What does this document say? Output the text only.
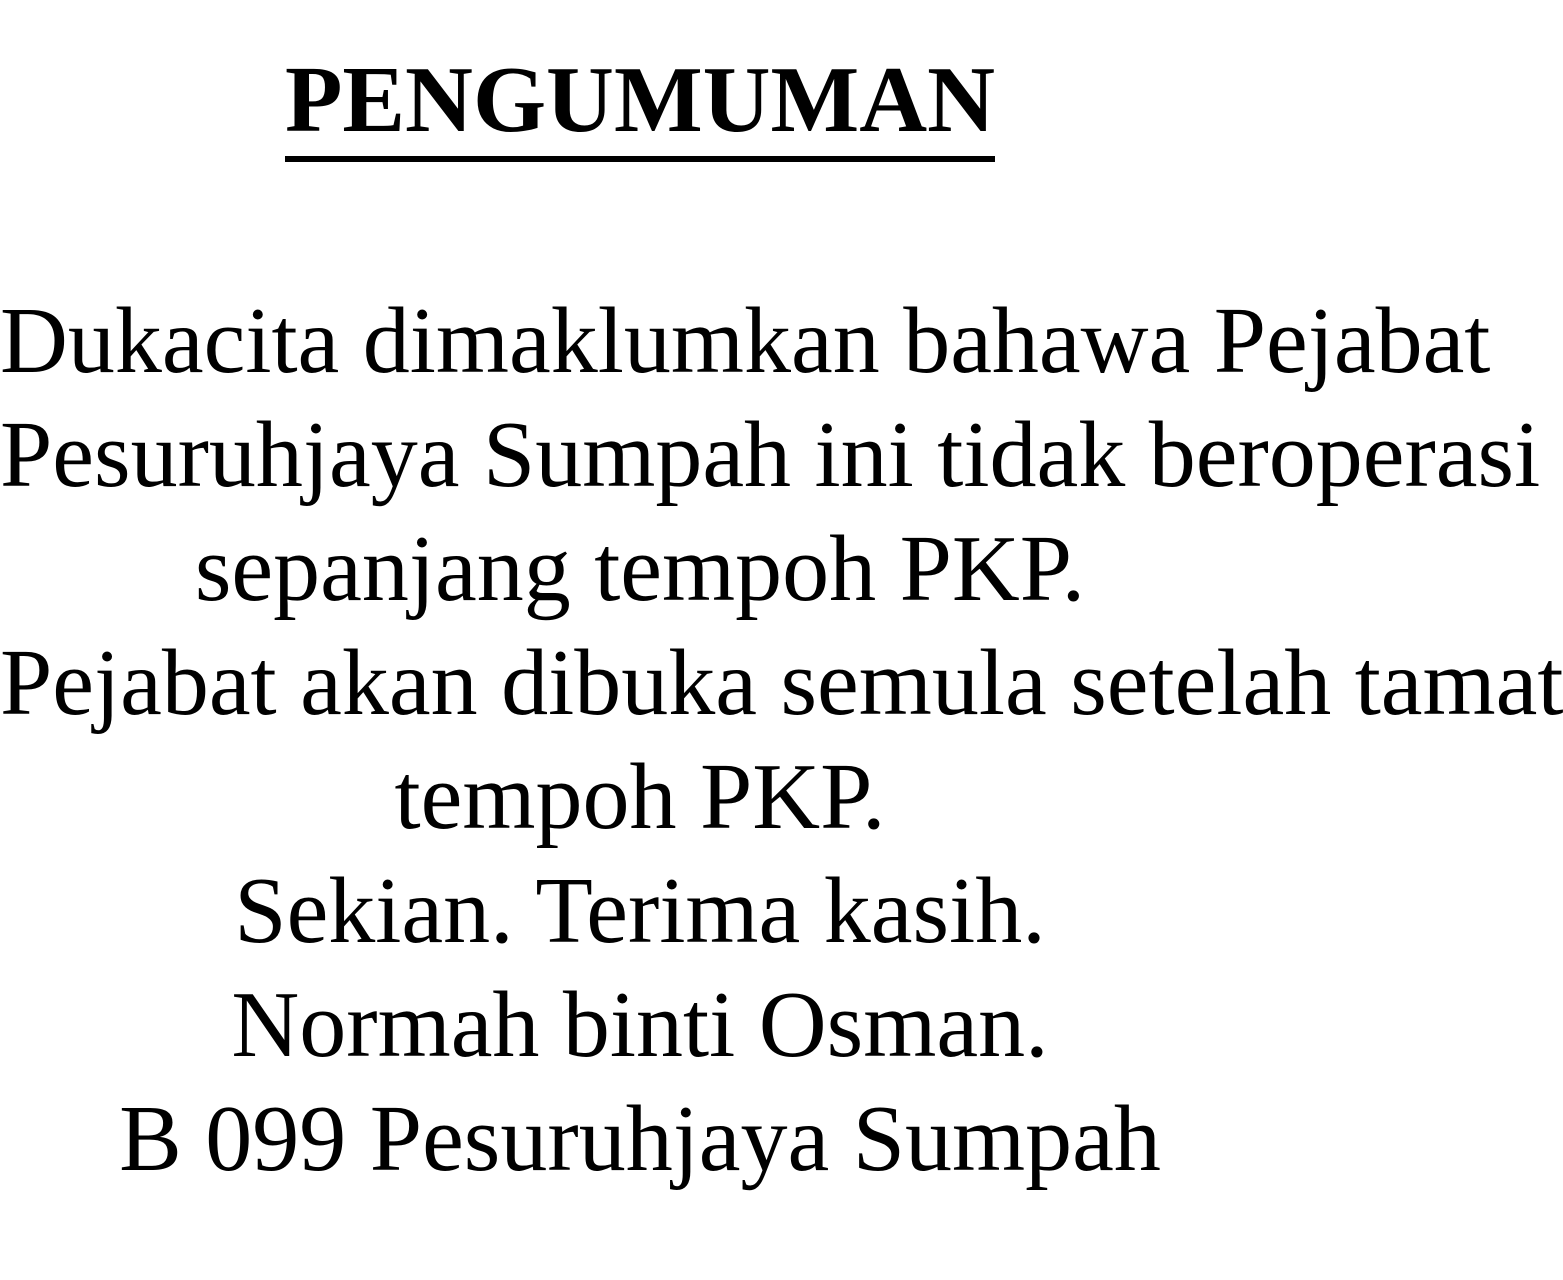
PENGUMUMAN

Dukacita dimaklumkan bahawa Pejabat

Pesuruhjaya Sumpah ini tidak beroperasi

sepanjang tempoh PKP.

Pejabat akan dibuka semula setelah tamat

tempoh PKP.

Sekian. Terima kasih.

Normah binti Osman.

B 099 Pesuruhjaya Sumpah
